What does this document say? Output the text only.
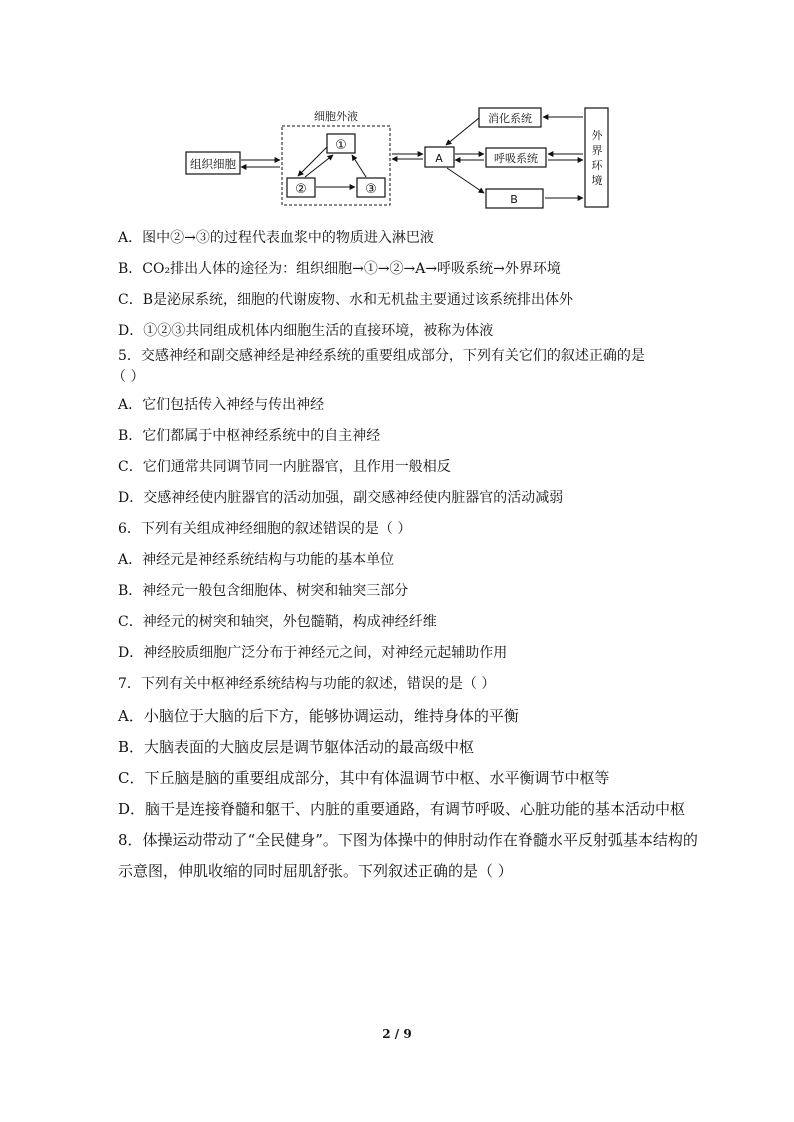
细胞外液
组织细胞
①
②	③
A
消化系统
呼吸系统
B
外
界
环
境
A．图中②→③的过程代表血浆中的物质进入淋巴液
B．CO₂排出人体的途径为：组织细胞→①→②→A→呼吸系统→外界环境
C．B是泌尿系统，细胞的代谢废物、水和无机盐主要通过该系统排出体外
D．①②③共同组成机体内细胞生活的直接环境，被称为体液
5．交感神经和副交感神经是神经系统的重要组成部分，下列有关它们的叙述正确的是
（ ）
A．它们包括传入神经与传出神经
B．它们都属于中枢神经系统中的自主神经
C．它们通常共同调节同一内脏器官，且作用一般相反
D．交感神经使内脏器官的活动加强，副交感神经使内脏器官的活动减弱
6．下列有关组成神经细胞的叙述错误的是（ ）
A．神经元是神经系统结构与功能的基本单位
B．神经元一般包含细胞体、树突和轴突三部分
C．神经元的树突和轴突，外包髓鞘，构成神经纤维
D．神经胶质细胞广泛分布于神经元之间，对神经元起辅助作用
7．下列有关中枢神经系统结构与功能的叙述，错误的是（ ）
A．小脑位于大脑的后下方，能够协调运动，维持身体的平衡
B．大脑表面的大脑皮层是调节躯体活动的最高级中枢
C．下丘脑是脑的重要组成部分，其中有体温调节中枢、水平衡调节中枢等
D．脑干是连接脊髓和躯干、内脏的重要通路，有调节呼吸、心脏功能的基本活动中枢
8．体操运动带动了“全民健身”。下图为体操中的伸肘动作在脊髓水平反射弧基本结构的
示意图，伸肌收缩的同时屈肌舒张。下列叙述正确的是（ ）
2 / 9
